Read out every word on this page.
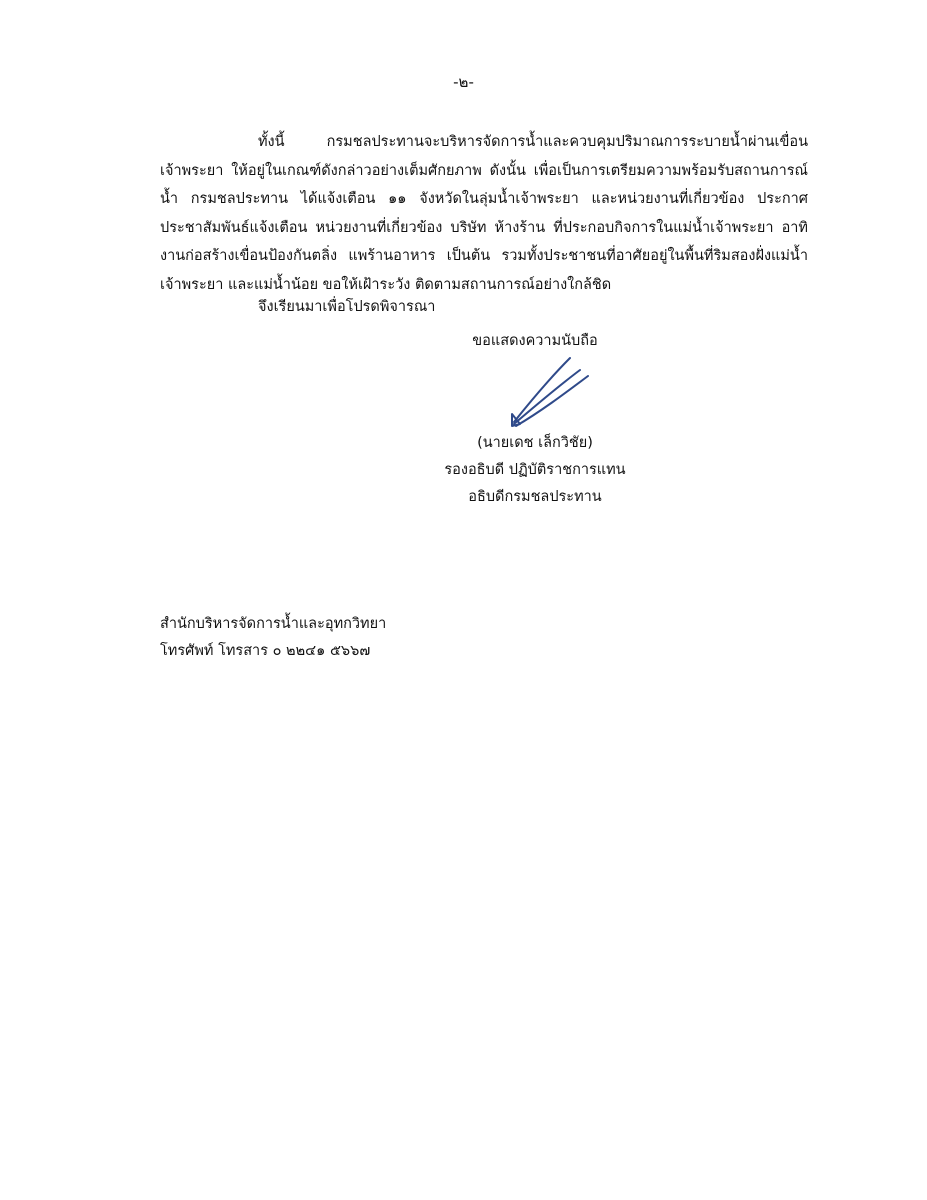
-๒-

ทั้งนี้ กรมชลประทานจะบริหารจัดการน้ำและควบคุมปริมาณการระบายน้ำผ่านเขื่อนเจ้าพระยา ให้อยู่ในเกณฑ์ดังกล่าวอย่างเต็มศักยภาพ ดังนั้น เพื่อเป็นการเตรียมความพร้อมรับสถานการณ์น้ำ กรมชลประทาน ได้แจ้งเตือน ๑๑ จังหวัดในลุ่มน้ำเจ้าพระยา และหน่วยงานที่เกี่ยวข้อง ประกาศประชาสัมพันธ์แจ้งเตือน หน่วยงานที่เกี่ยวข้อง บริษัท ห้างร้าน ที่ประกอบกิจการในแม่น้ำเจ้าพระยา อาทิ งานก่อสร้างเขื่อนป้องกันตลิ่ง แพร้านอาหาร เป็นต้น รวมทั้งประชาชนที่อาศัยอยู่ในพื้นที่ริมสองฝั่งแม่น้ำเจ้าพระยา และแม่น้ำน้อย ขอให้เฝ้าระวัง ติดตามสถานการณ์อย่างใกล้ชิด

จึงเรียนมาเพื่อโปรดพิจารณา
ขอแสดงความนับถือ
(นายเดช เล็กวิชัย)
รองอธิบดี ปฏิบัติราชการแทน
อธิบดีกรมชลประทาน
สำนักบริหารจัดการน้ำและอุทกวิทยา
โทรศัพท์ โทรสาร ๐ ๒๒๔๑ ๕๖๖๗
